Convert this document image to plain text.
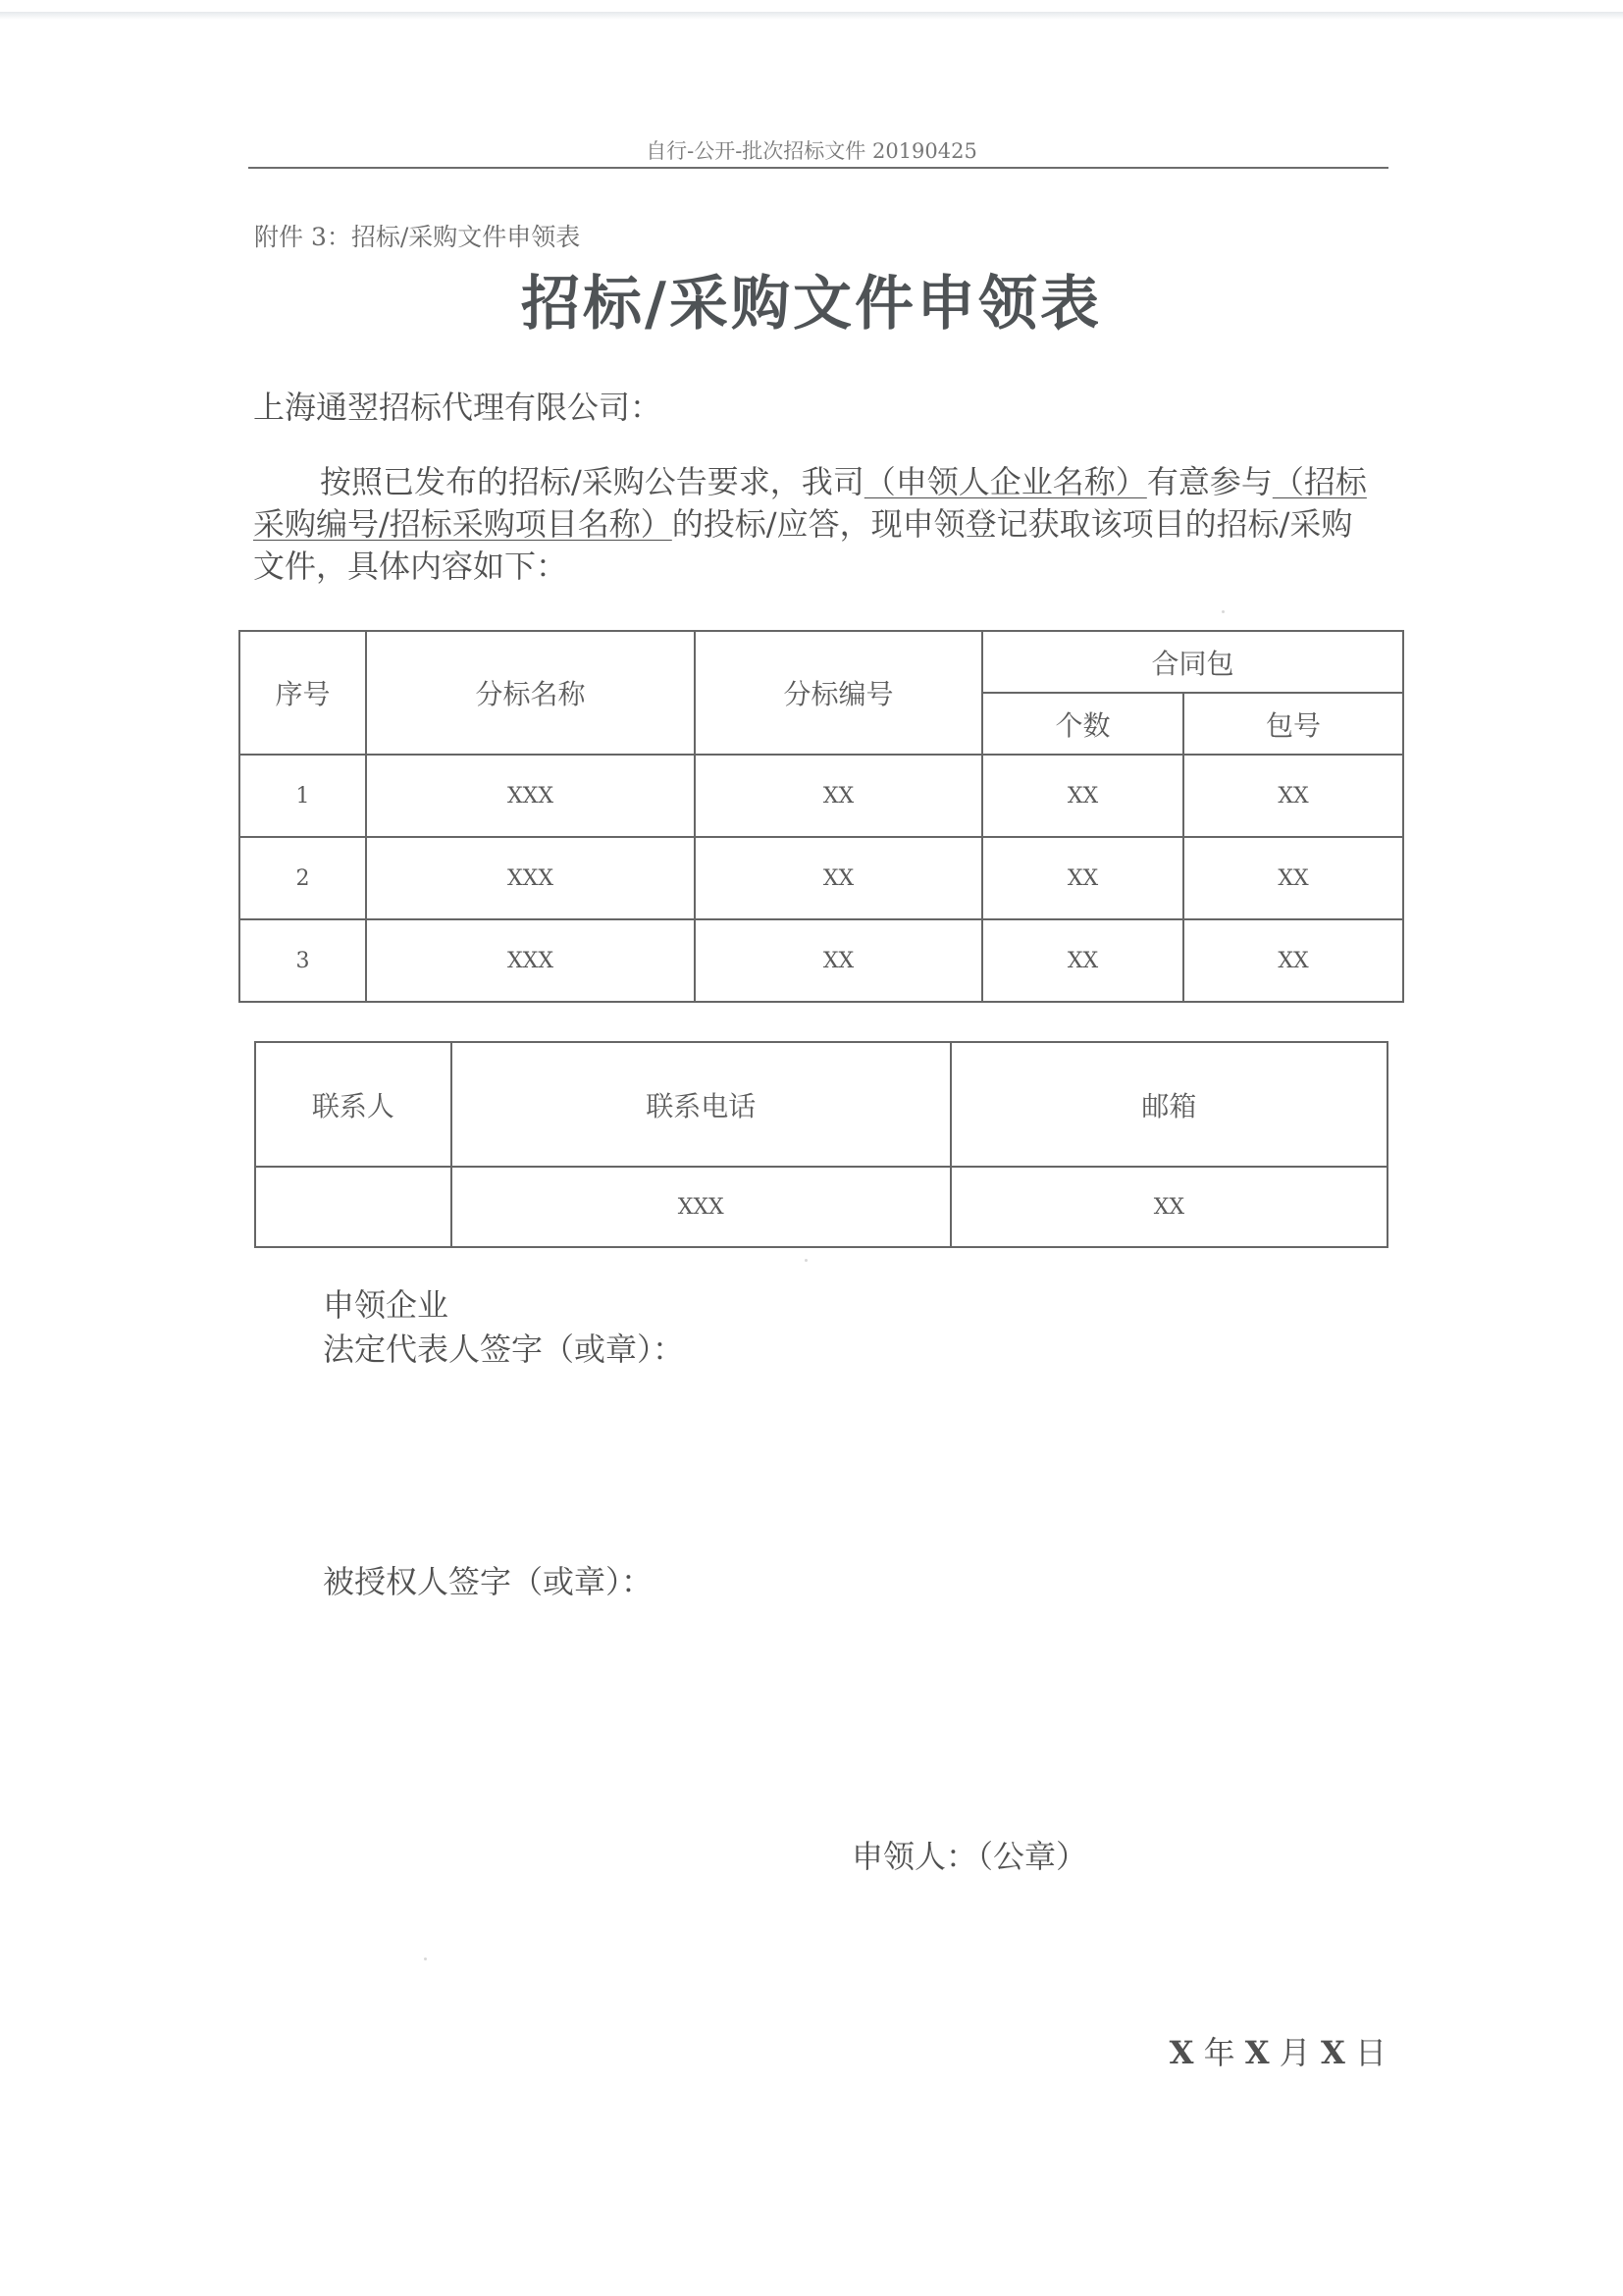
自行-公开-批次招标文件 20190425
附件 3：招标/采购文件申领表
招标/采购文件申领表
上海通翌招标代理有限公司：
按照已发布的招标/采购公告要求，我司（申领人企业名称）有意参与（招标采购编号/招标采购项目名称）的投标/应答，现申领登记获取该项目的招标/采购文件，具体内容如下：
序号	分标名称	分标编号	合同包	
			个数	包号
1	XXX	XX	XX	XX
2	XXX	XX	XX	XX
3	XXX	XX	XX	XX
联系人	联系电话	邮箱
	XXX	XX
申领企业
法定代表人签字（或章）：
被授权人签字（或章）：
申领人：（公章）
X 年 X 月 X 日
